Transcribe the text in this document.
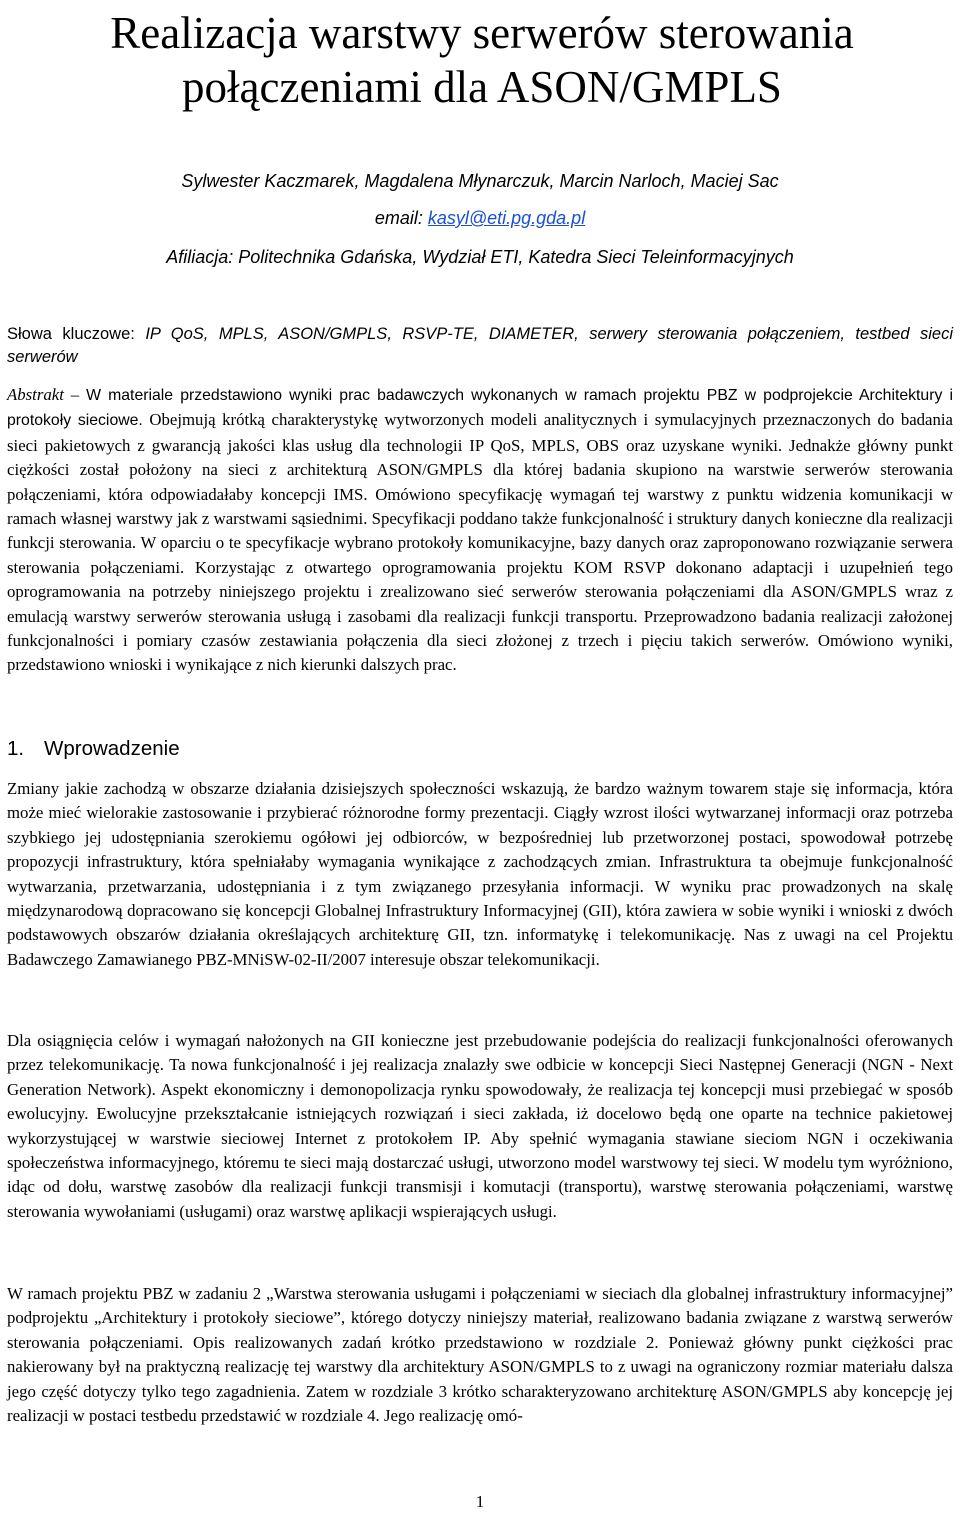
Realizacja warstwy serwerów sterowania połączeniami dla ASON/GMPLS
Sylwester Kaczmarek, Magdalena Młynarczuk, Marcin Narloch, Maciej Sac
email: kasyl@eti.pg.gda.pl
Afiliacja: Politechnika Gdańska, Wydział ETI, Katedra Sieci Teleinformacyjnych
Słowa kluczowe: IP QoS, MPLS, ASON/GMPLS, RSVP-TE, DIAMETER, serwery sterowania połączeniem, testbed sieci serwerów

Abstrakt – W materiale przedstawiono wyniki prac badawczych wykonanych w ramach projektu PBZ w podprojekcie Architektury i protokoły sieciowe. Obejmują krótką charakterystykę wytworzonych modeli analitycznych i symulacyjnych przeznaczonych do badania sieci pakietowych z gwarancją jakości klas usług dla technologii IP QoS, MPLS, OBS oraz uzyskane wyniki. Jednakże główny punkt ciężkości został położony na sieci z architekturą ASON/GMPLS dla której badania skupiono na warstwie serwerów sterowania połączeniami, która odpowiadałaby koncepcji IMS. Omówiono specyfikację wymagań tej warstwy z punktu widzenia komunikacji w ramach własnej warstwy jak z warstwami sąsiednimi. Specyfikacji poddano także funkcjonalność i struktury danych konieczne dla realizacji funkcji sterowania. W oparciu o te specyfikacje wybrano protokoły komunikacyjne, bazy danych oraz zaproponowano rozwiązanie serwera sterowania połączeniami. Korzystając z otwartego oprogramowania projektu KOM RSVP dokonano adaptacji i uzupełnień tego oprogramowania na potrzeby niniejszego projektu i zrealizowano sieć serwerów sterowania połączeniami dla ASON/GMPLS wraz z emulacją warstwy serwerów sterowania usługą i zasobami dla realizacji funkcji transportu. Przeprowadzono badania realizacji założonej funkcjonalności i pomiary czasów zestawiania połączenia dla sieci złożonej z trzech i pięciu takich serwerów. Omówiono wyniki, przedstawiono wnioski i wynikające z nich kierunki dalszych prac.

1. Wprowadzenie

Zmiany jakie zachodzą w obszarze działania dzisiejszych społeczności wskazują, że bardzo ważnym towarem staje się informacja, która może mieć wielorakie zastosowanie i przybierać różnorodne formy prezentacji. Ciągły wzrost ilości wytwarzanej informacji oraz potrzeba szybkiego jej udostępniania szerokiemu ogółowi jej odbiorców, w bezpośredniej lub przetworzonej postaci, spowodował potrzebę propozycji infrastruktury, która spełniałaby wymagania wynikające z zachodzących zmian. Infrastruktura ta obejmuje funkcjonalność wytwarzania, przetwarzania, udostępniania i z tym związanego przesyłania informacji. W wyniku prac prowadzonych na skalę międzynarodową dopracowano się koncepcji Globalnej Infrastruktury Informacyjnej (GII), która zawiera w sobie wyniki i wnioski z dwóch podstawowych obszarów działania określających architekturę GII, tzn. informatykę i telekomunikację. Nas z uwagi na cel Projektu Badawczego Zamawianego PBZ-MNiSW-02-II/2007 interesuje obszar telekomunikacji.

Dla osiągnięcia celów i wymagań nałożonych na GII konieczne jest przebudowanie podejścia do realizacji funkcjonalności oferowanych przez telekomunikację. Ta nowa funkcjonalność i jej realizacja znalazły swe odbicie w koncepcji Sieci Następnej Generacji (NGN - Next Generation Network). Aspekt ekonomiczny i demonopolizacja rynku spowodowały, że realizacja tej koncepcji musi przebiegać w sposób ewolucyjny. Ewolucyjne przekształcanie istniejących rozwiązań i sieci zakłada, iż docelowo będą one oparte na technice pakietowej wykorzystującej w warstwie sieciowej Internet z protokołem IP. Aby spełnić wymagania stawiane sieciom NGN i oczekiwania społeczeństwa informacyjnego, któremu te sieci mają dostarczać usługi, utworzono model warstwowy tej sieci. W modelu tym wyróżniono, idąc od dołu, warstwę zasobów dla realizacji funkcji transmisji i komutacji (transportu), warstwę sterowania połączeniami, warstwę sterowania wywołaniami (usługami) oraz warstwę aplikacji wspierających usługi.

W ramach projektu PBZ w zadaniu 2 „Warstwa sterowania usługami i połączeniami w sieciach dla globalnej infrastruktury informacyjnej” podprojektu „Architektury i protokoły sieciowe”, którego dotyczy niniejszy materiał, realizowano badania związane z warstwą serwerów sterowania połączeniami. Opis realizowanych zadań krótko przedstawiono w rozdziale 2. Ponieważ główny punkt ciężkości prac nakierowany był na praktyczną realizację tej warstwy dla architektury ASON/GMPLS to z uwagi na ograniczony rozmiar materiału dalsza jego część dotyczy tylko tego zagadnienia. Zatem w rozdziale 3 krótko scharakteryzowano architekturę ASON/GMPLS aby koncepcję jej realizacji w postaci testbedu przedstawić w rozdziale 4. Jego realizację omó-

1
